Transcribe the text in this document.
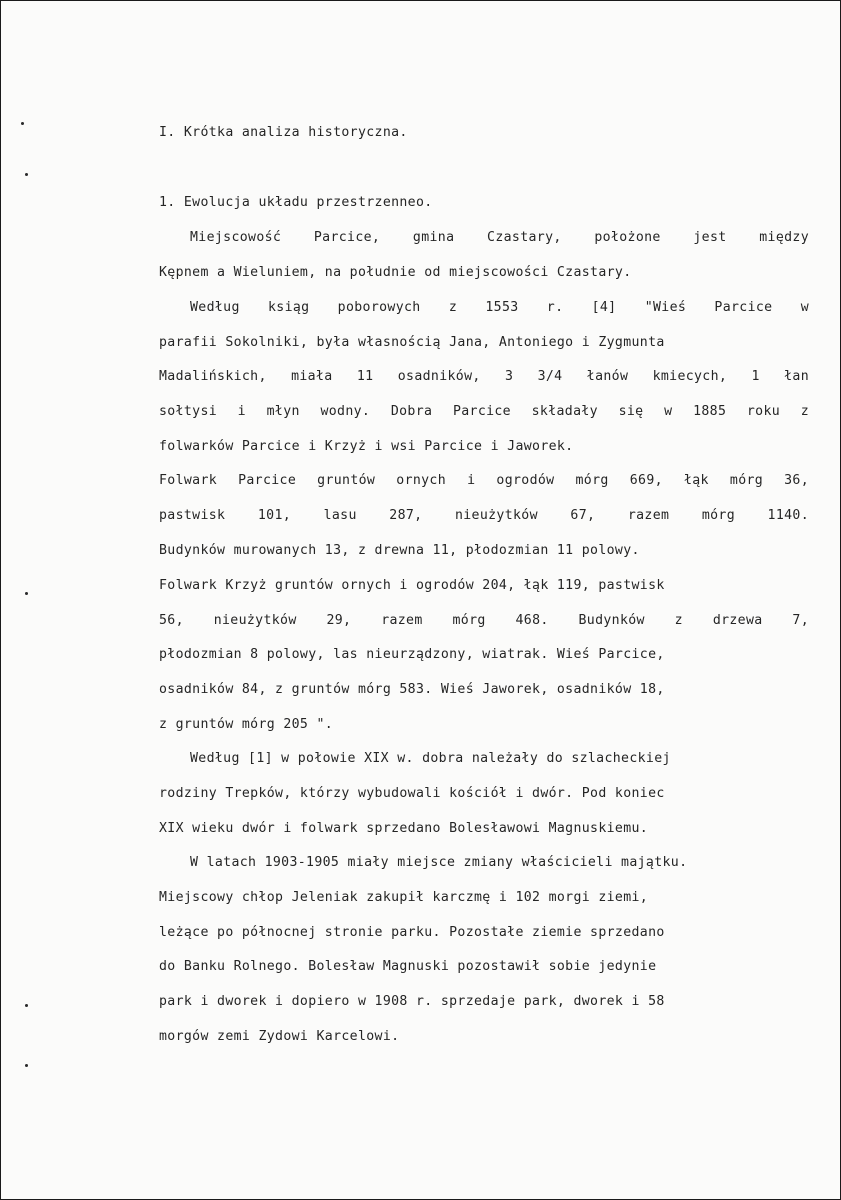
I. Krótka analiza historyczna.
1. Ewolucja układu przestrzenneo.
Miejscowość Parcice, gmina Czastary, położone jest między
Kępnem a Wieluniem, na południe od miejscowości Czastary.
Według ksiąg poborowych z 1553 r. [4] "Wieś Parcice w
parafii Sokolniki, była własnością Jana, Antoniego i Zygmunta
Madalińskich, miała 11 osadników, 3 3/4 łanów kmiecych, 1 łan
sołtysi i młyn wodny. Dobra Parcice składały się w 1885 roku z
folwarków Parcice i Krzyż i wsi Parcice i Jaworek.
Folwark Parcice gruntów ornych i ogrodów mórg 669, łąk mórg 36,
pastwisk 101, lasu 287, nieużytków 67, razem mórg 1140.
Budynków murowanych 13, z drewna 11, płodozmian 11 polowy.
Folwark Krzyż gruntów ornych i ogrodów 204, łąk 119, pastwisk
56, nieużytków 29, razem mórg 468. Budynków z drzewa 7,
płodozmian 8 polowy, las nieurządzony, wiatrak. Wieś Parcice,
osadników 84, z gruntów mórg 583. Wieś Jaworek, osadników 18,
z gruntów mórg 205 ".
Według [1] w połowie XIX w. dobra należały do szlacheckiej
rodziny Trepków, którzy wybudowali kościół i dwór. Pod koniec
XIX wieku dwór i folwark sprzedano Bolesławowi Magnuskiemu.
W latach 1903-1905 miały miejsce zmiany właścicieli majątku.
Miejscowy chłop Jeleniak zakupił karczmę i 102 morgi ziemi,
leżące po północnej stronie parku. Pozostałe ziemie sprzedano
do Banku Rolnego. Bolesław Magnuski pozostawił sobie jedynie
park i dworek i dopiero w 1908 r. sprzedaje park, dworek i 58
morgów zemi Żydowi Karcelowi.
